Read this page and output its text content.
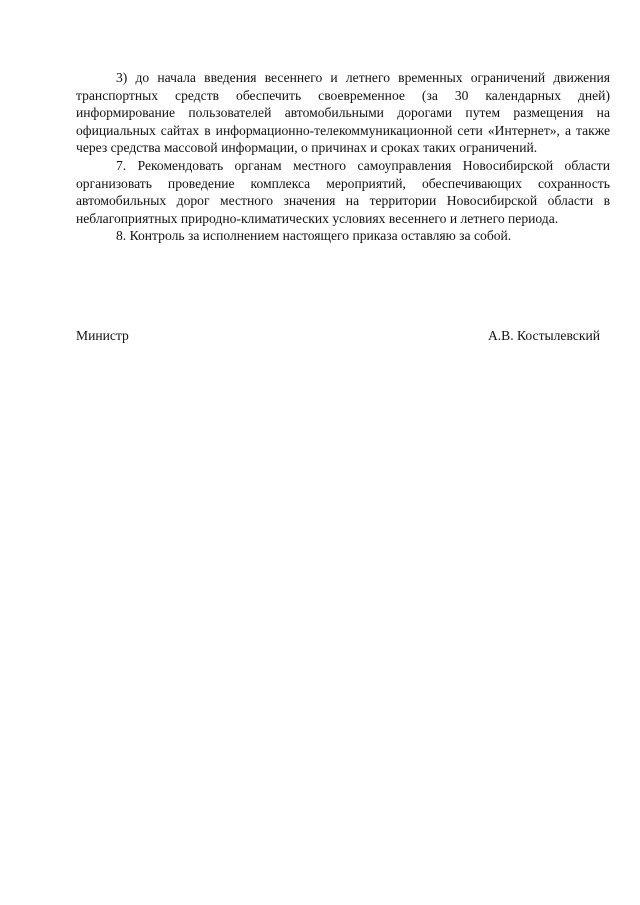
3) до начала введения весеннего и летнего временных ограничений движения транспортных средств обеспечить своевременное (за 30 календарных дней) информирование пользователей автомобильными дорогами путем размещения на официальных сайтах в информационно-телекоммуникационной сети «Интернет», а также через средства массовой информации, о причинах и сроках таких ограничений.

7. Рекомендовать органам местного самоуправления Новосибирской области организовать проведение комплекса мероприятий, обеспечивающих сохранность автомобильных дорог местного значения на территории Новосибирской области в неблагоприятных природно-климатических условиях весеннего и летнего периода.

8. Контроль за исполнением настоящего приказа оставляю за собой.

Министр	А.В. Костылевский
